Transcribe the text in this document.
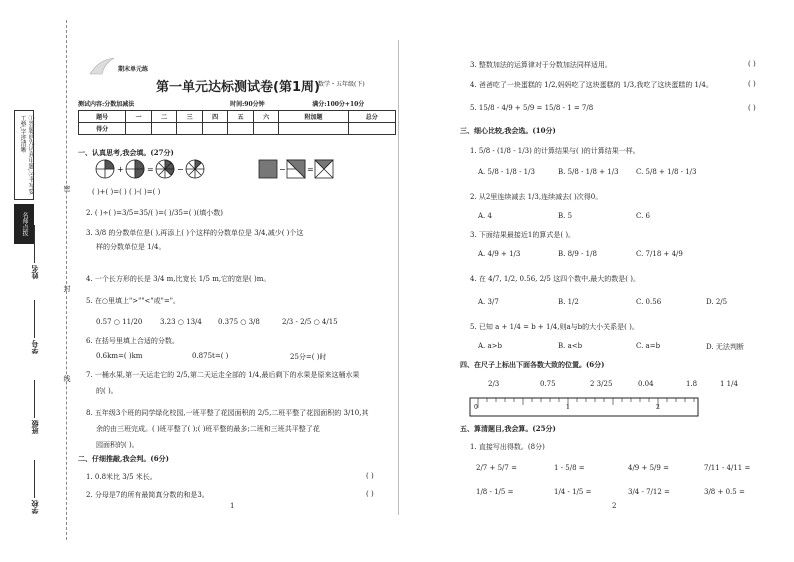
①答题前先认真审题,②书写要工整,字迹清晰
名师点拨
学校
班级
学号
姓名
密
封
线
期末单元练
第一单元达标测试卷(第1周)
数学・五年级(下)
测试内容:分数加减法	时间:90分钟	满分:100分+10分
题号	一	二	三	四	五	六	附加题	总分
得分								
一、认真思考,我会填。(27分)
+	=	−	−	=
( )+( )=( ) ( )-( )=( )
2. ( )÷( )=3/5=35/( )=( )/35=( )(填小数)
3. 3/8 的分数单位是( ),再添上( )个这样的分数单位是 3/4,减少( )个这
样的分数单位是 1/4。
4. 一个长方形的长是 3/4 m,比宽长 1/5 m,它的宽是( )m。
5. 在○里填上">""<"或"="。
0.57 ○ 11/20	3.23 ○ 13/4 0.375 ○ 3/8	2/3 - 2/5 ○ 4/15
6. 在括号里填上合适的分数。
0.6km=( )km	0.875t=( )	25分=( )时
7. 一桶水果,第一天运走它的 2/5,第二天运走全部的 1/4,最后剩下的水果是原来这桶水果
的( )。
8. 五年级3个班的同学绿化校园,一班平整了花园面积的 2/5,二班平整了花园面积的 3/10,其
余的由三班完成。( )班平整了( );( )班平整的最多;二班和三班共平整了花
园面积的( )。
二、仔细推敲,我会判。(6分)
1. 0.8米比 3/5 米长。	( )
2. 分母是7的所有最简真分数的和是3。	( )
1
3. 整数加法的运算律对于分数加法同样适用。	( )
4. 爸爸吃了一块蛋糕的 1/2,妈妈吃了这块蛋糕的 1/3,我吃了这块蛋糕的 1/4。	( )
5. 15/8 - 4/9 + 5/9 = 15/8 - 1 = 7/8	( )
三、细心比较,我会选。(10分)
1. 5/8 - (1/8 - 1/3) 的计算结果与( )的计算结果一样。
A. 5/8 - 1/8 - 1/3	B. 5/8 - 1/8 + 1/3 C. 5/8 + 1/8 - 1/3
2. 从2里连续减去 1/3,连续减去( )次得0。
A. 4	B. 5	C. 6
3. 下面结果最接近1的算式是( )。
A. 4/9 + 1/3	B. 8/9 - 1/8	C. 7/18 + 4/9
4. 在 4/7, 1/2, 0.56, 2/5 这四个数中,最大的数是( )。
A. 3/7	B. 1/2	C. 0.56	D. 2/5
5. 已知 a + 1/4 = b + 1/4,则a与b的大小关系是( )。
A. a>b	B. a<b	C. a=b	D. 无法判断
四、在尺子上标出下面各数大致的位置。(6分)
2/3	0.75	2 3/25	0.04	1.8	1 1/4
0	1	2
五、算清题目,我会算。(25分)
1. 直接写出得数。(8分)
2/7 + 5/7 =	1 - 5/8 =	4/9 + 5/9 =	7/11 - 4/11 =
1/8 - 1/5 =	1/4 - 1/5 =	3/4 - 7/12 =	3/8 + 0.5 =
2
